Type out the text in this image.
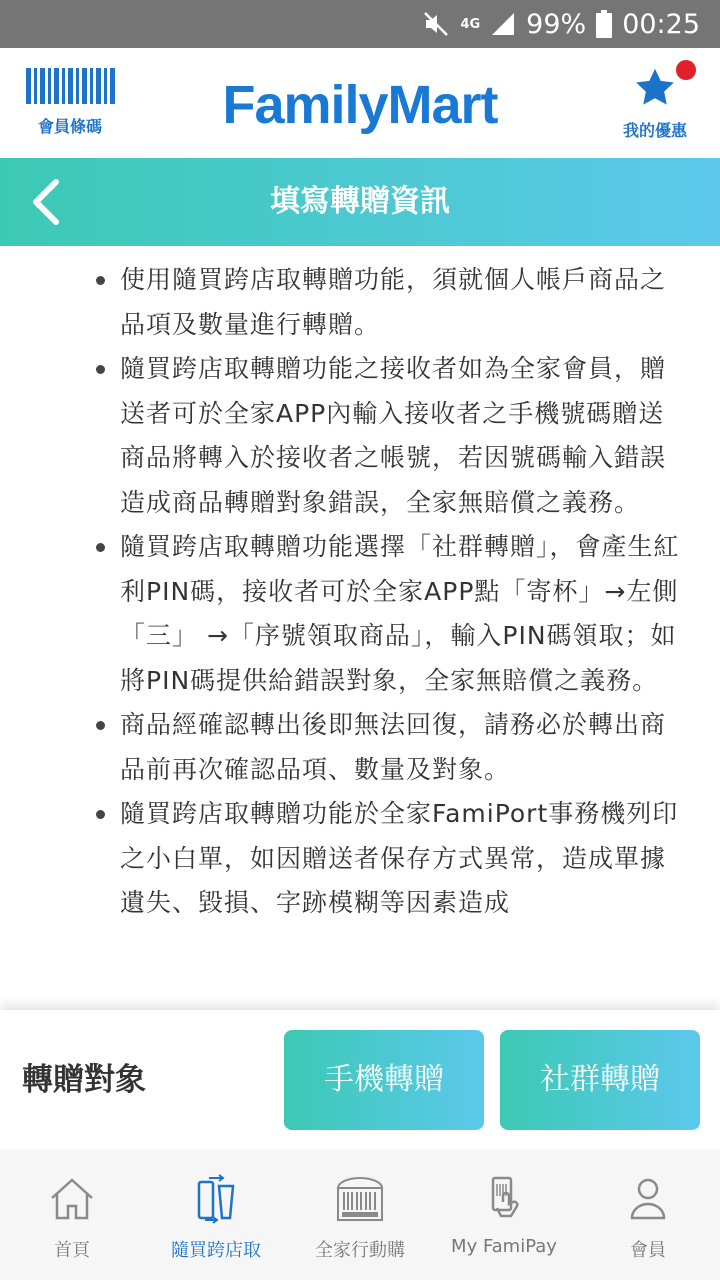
4G 99% 00:25
會員條碼	FamilyMart	我的優惠
填寫轉贈資訊
使用隨買跨店取轉贈功能，須就個人帳戶商品之品項及數量進行轉贈。
隨買跨店取轉贈功能之接收者如為全家會員，贈送者可於全家APP內輸入接收者之手機號碼贈送商品將轉入於接收者之帳號，若因號碼輸入錯誤造成商品轉贈對象錯誤，全家無賠償之義務。
隨買跨店取轉贈功能選擇「社群轉贈」，會產生紅利PIN碼，接收者可於全家APP點「寄杯」→左側「三」 →「序號領取商品」，輸入PIN碼領取；如將PIN碼提供給錯誤對象，全家無賠償之義務。
商品經確認轉出後即無法回復，請務必於轉出商品前再次確認品項、數量及對象。
隨買跨店取轉贈功能於全家FamiPort事務機列印之小白單，如因贈送者保存方式異常，造成單據遺失、毀損、字跡模糊等因素造成
轉贈對象	手機轉贈	社群轉贈
首頁	隨買跨店取	全家行動購	My FamiPay	會員
